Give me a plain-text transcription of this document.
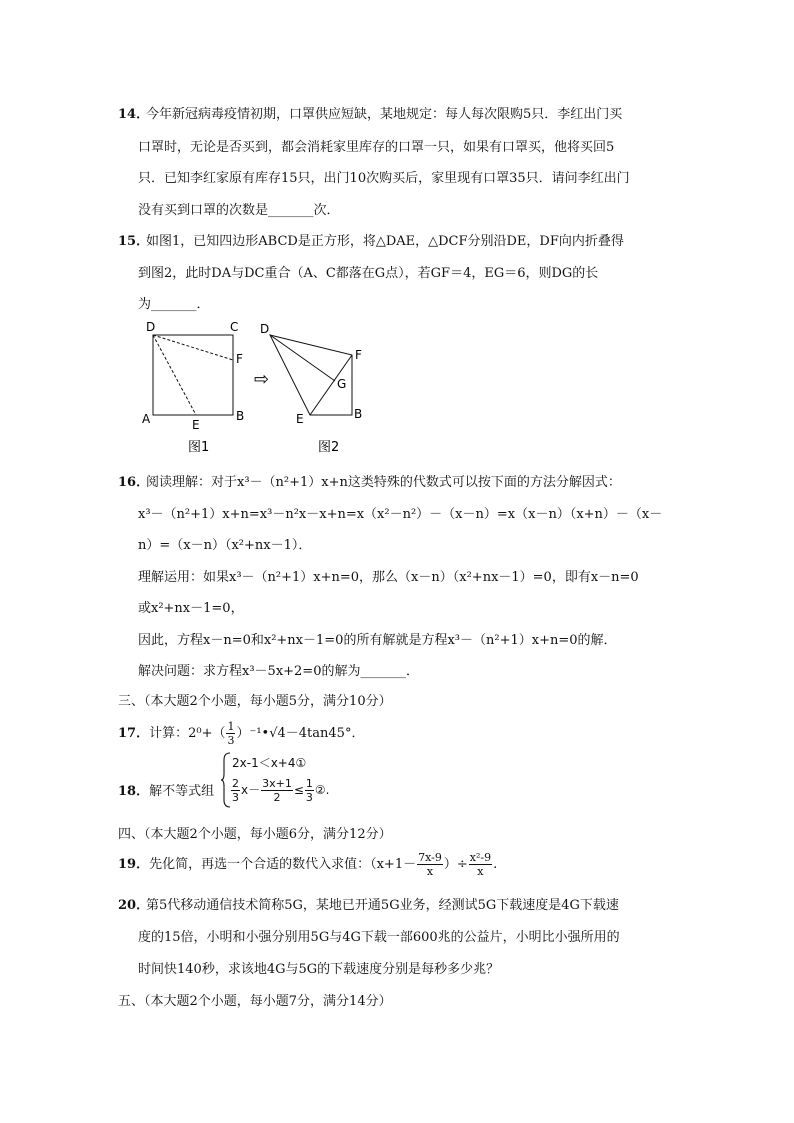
14．
今年新冠病毒疫情初期，口罩供应短缺，某地规定：每人每次限购5只．李红出门买
口罩时，无论是否买到，都会消耗家里库存的口罩一只，如果有口罩买，他将买回5
只．已知李红家原有库存15只，出门10次购买后，家里现有口罩35只．请问李红出门
没有买到口罩的次数是_______次．
15．
如图1，已知四边形ABCD是正方形，将△DAE，△DCF分别沿DE，DF向内折叠得
到图2，此时DA与DC重合（A、C都落在G点），若GF＝4，EG＝6，则DG的长
为_______．
D	C
F
A	E
B
图1
⇨
D
F
G
E	B
图2
16．
阅读理解：对于x³－（n²+1）x+n这类特殊的代数式可以按下面的方法分解因式：
x³－（n²+1）x+n=x³－n²x－x+n=x（x²－n²）－（x－n）=x（x－n）（x+n）－（x－
n）=（x－n）（x²+nx－1）．
理解运用：如果x³－（n²+1）x+n=0，那么（x－n）（x²+nx－1）=0，即有x－n=0
或x²+nx－1=0，
因此，方程x－n=0和x²+nx－1=0的所有解就是方程x³－（n²+1）x+n=0的解．
解决问题：求方程x³－5x+2=0的解为_______．
三、（本大题2个小题，每小题5分，满分10分）
17．计算：$2^0+( \frac{1}{3}$ ）⁻¹•√4－4tan45°．
18．解不等式组
2x-1＜x+4①
$\frac{2}{3} x- \frac{3x+1}{2} \le \frac{1}{3}$ ②.
四、（本大题2个小题，每小题6分，满分12分）
19．先化简，再选一个合适的数代入求值：（$x+1- \frac{7x-9}{x}$ ）÷ $\frac{\text{x²-9}}{x}$ .
20．
第5代移动通信技术简称5G，某地已开通5G业务，经测试5G下载速度是4G下载速
度的15倍，小明和小强分别用5G与4G下载一部600兆的公益片，小明比小强所用的
时间快140秒，求该地4G与5G的下载速度分别是每秒多少兆？
五、（本大题2个小题，每小题7分，满分14分）
